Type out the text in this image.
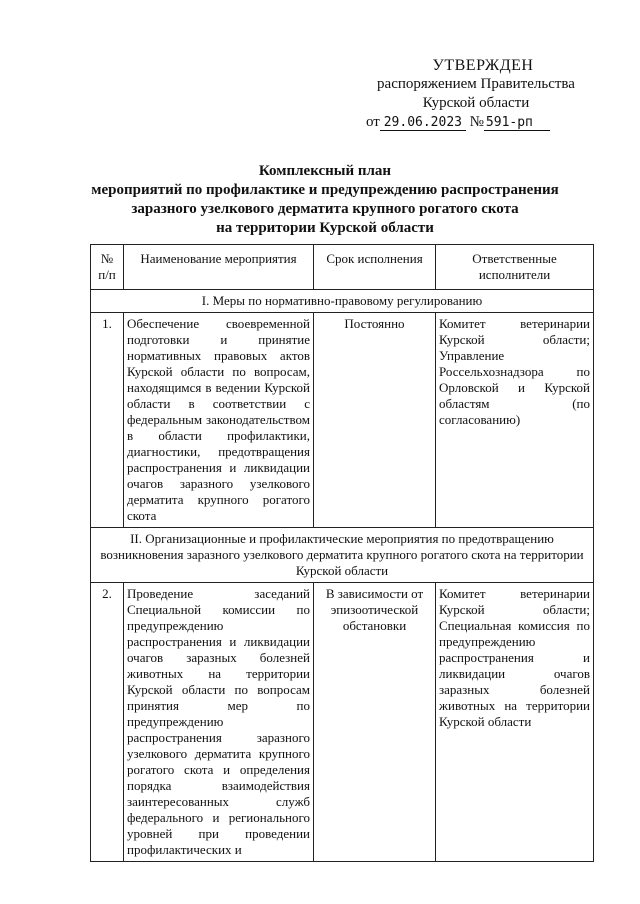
УТВЕРЖДЕН
распоряжением Правительства
Курской области
от 29.06.2023 № 591-рп
Комплексный план
мероприятий по профилактике и предупреждению распространения
заразного узелкового дерматита крупного рогатого скота
на территории Курской области
№ п/п	Наименование мероприятия	Срок исполнения	Ответственные исполнители
I. Меры по нормативно-правовому регулированию			
1.	Обеспечение своевременной подготовки и принятие нормативных правовых актов Курской области по вопросам, находящимся в ведении Курской области в соответствии с федеральным законодательством в области профилактики, диагностики, предотвращения распространения и ликвидации очагов заразного узелкового дерматита крупного рогатого скота	Постоянно	Комитет ветеринарии Курской области; Управление Россельхознадзора по Орловской и Курской областям (по согласованию)
II. Организационные и профилактические мероприятия по предотвращению возникновения заразного узелкового дерматита крупного рогатого скота на территории Курской области			
2.	Проведение заседаний Специальной комиссии по предупреждению распространения и ликвидации очагов заразных болезней животных на территории Курской области по вопросам принятия мер по предупреждению распространения заразного узелкового дерматита крупного рогатого скота и определения порядка взаимодействия заинтересованных служб федерального и регионального уровней при проведении профилактических и	В зависимости от эпизоотической обстановки	Комитет ветеринарии Курской области; Специальная комиссия по предупреждению распространения и ликвидации очагов заразных болезней животных на территории Курской области
